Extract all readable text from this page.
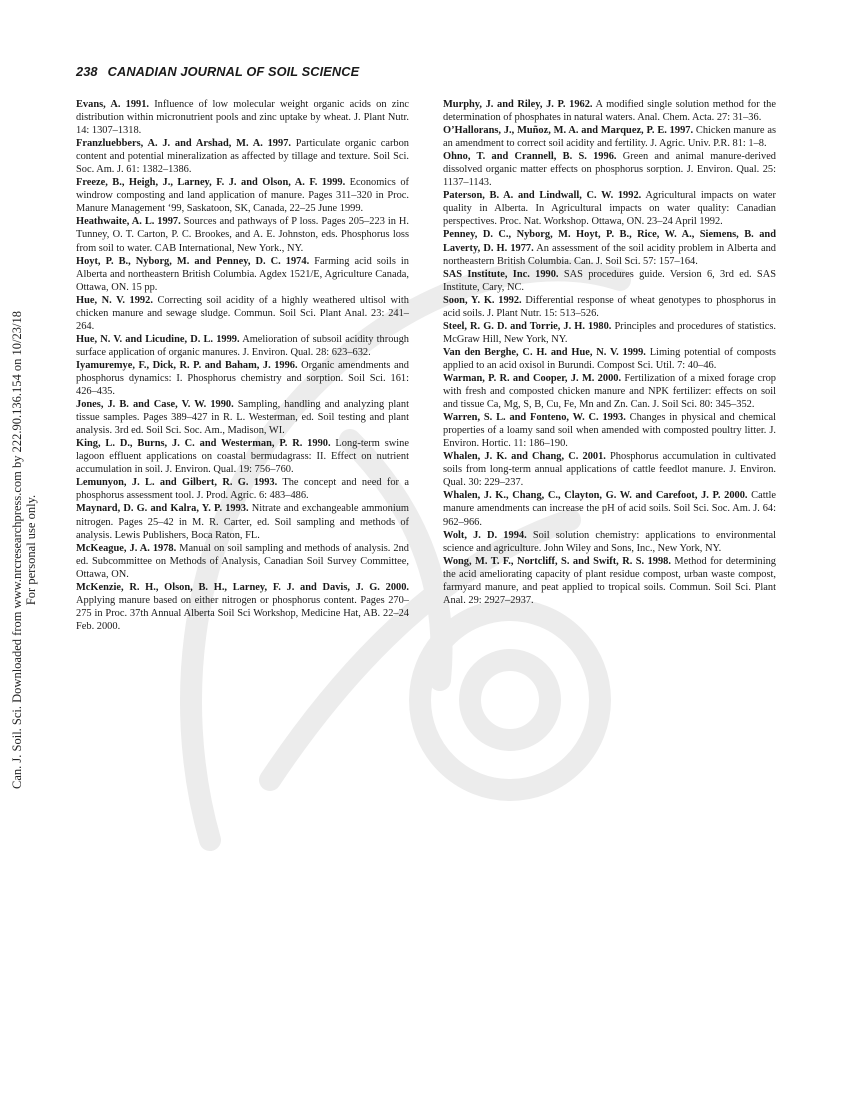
Can. J. Soil. Sci. Downloaded from www.nrcresearchpress.com by 222.90.136.154 on 10/23/18 For personal use only.
238 CANADIAN JOURNAL OF SOIL SCIENCE

Evans, A. 1991. Influence of low molecular weight organic acids on zinc distribution within micronutrient pools and zinc uptake by wheat. J. Plant Nutr. 14: 1307–1318.

Franzluebbers, A. J. and Arshad, M. A. 1997. Particulate organic carbon content and potential mineralization as affected by tillage and texture. Soil Sci. Soc. Am. J. 61: 1382–1386.

Freeze, B., Heigh, J., Larney, F. J. and Olson, A. F. 1999. Economics of windrow composting and land application of manure. Pages 311–320 in Proc. Manure Management ‘99, Saskatoon, SK, Canada, 22–25 June 1999.

Heathwaite, A. L. 1997. Sources and pathways of P loss. Pages 205–223 in H. Tunney, O. T. Carton, P. C. Brookes, and A. E. Johnston, eds. Phosphorus loss from soil to water. CAB International, New York., NY.

Hoyt, P. B., Nyborg, M. and Penney, D. C. 1974. Farming acid soils in Alberta and northeastern British Columbia. Agdex 1521/E, Agriculture Canada, Ottawa, ON. 15 pp.

Hue, N. V. 1992. Correcting soil acidity of a highly weathered ultisol with chicken manure and sewage sludge. Commun. Soil Sci. Plant Anal. 23: 241–264.

Hue, N. V. and Licudine, D. L. 1999. Amelioration of subsoil acidity through surface application of organic manures. J. Environ. Qual. 28: 623–632.

Iyamuremye, F., Dick, R. P. and Baham, J. 1996. Organic amendments and phosphorus dynamics: I. Phosphorus chemistry and sorption. Soil Sci. 161: 426–435.

Jones, J. B. and Case, V. W. 1990. Sampling, handling and analyzing plant tissue samples. Pages 389–427 in R. L. Westerman, ed. Soil testing and plant analysis. 3rd ed. Soil Sci. Soc. Am., Madison, WI.

King, L. D., Burns, J. C. and Westerman, P. R. 1990. Long-term swine lagoon effluent applications on coastal bermudagrass: II. Effect on nutrient accumulation in soil. J. Environ. Qual. 19: 756–760.

Lemunyon, J. L. and Gilbert, R. G. 1993. The concept and need for a phosphorus assessment tool. J. Prod. Agric. 6: 483–486.

Maynard, D. G. and Kalra, Y. P. 1993. Nitrate and exchangeable ammonium nitrogen. Pages 25–42 in M. R. Carter, ed. Soil sampling and methods of analysis. Lewis Publishers, Boca Raton, FL.

McKeague, J. A. 1978. Manual on soil sampling and methods of analysis. 2nd ed. Subcommittee on Methods of Analysis, Canadian Soil Survey Committee, Ottawa, ON.

McKenzie, R. H., Olson, B. H., Larney, F. J. and Davis, J. G. 2000. Applying manure based on either nitrogen or phosphorus content. Pages 270–275 in Proc. 37th Annual Alberta Soil Sci Workshop, Medicine Hat, AB. 22–24 Feb. 2000.

Murphy, J. and Riley, J. P. 1962. A modified single solution method for the determination of phosphates in natural waters. Anal. Chem. Acta. 27: 31–36.

O’Hallorans, J., Muñoz, M. A. and Marquez, P. E. 1997. Chicken manure as an amendment to correct soil acidity and fertility. J. Agric. Univ. P.R. 81: 1–8.

Ohno, T. and Crannell, B. S. 1996. Green and animal manure-derived dissolved organic matter effects on phosphorus sorption. J. Environ. Qual. 25: 1137–1143.

Paterson, B. A. and Lindwall, C. W. 1992. Agricultural impacts on water quality in Alberta. In Agricultural impacts on water quality: Canadian perspectives. Proc. Nat. Workshop. Ottawa, ON. 23–24 April 1992.

Penney, D. C., Nyborg, M. Hoyt, P. B., Rice, W. A., Siemens, B. and Laverty, D. H. 1977. An assessment of the soil acidity problem in Alberta and northeastern British Columbia. Can. J. Soil Sci. 57: 157–164.

SAS Institute, Inc. 1990. SAS procedures guide. Version 6, 3rd ed. SAS Institute, Cary, NC.

Soon, Y. K. 1992. Differential response of wheat genotypes to phosphorus in acid soils. J. Plant Nutr. 15: 513–526.

Steel, R. G. D. and Torrie, J. H. 1980. Principles and procedures of statistics. McGraw Hill, New York, NY.

Van den Berghe, C. H. and Hue, N. V. 1999. Liming potential of composts applied to an acid oxisol in Burundi. Compost Sci. Util. 7: 40–46.

Warman, P. R. and Cooper, J. M. 2000. Fertilization of a mixed forage crop with fresh and composted chicken manure and NPK fertilizer: effects on soil and tissue Ca, Mg, S, B, Cu, Fe, Mn and Zn. Can. J. Soil Sci. 80: 345–352.

Warren, S. L. and Fonteno, W. C. 1993. Changes in physical and chemical properties of a loamy sand soil when amended with composted poultry litter. J. Environ. Hortic. 11: 186–190.

Whalen, J. K. and Chang, C. 2001. Phosphorus accumulation in cultivated soils from long-term annual applications of cattle feedlot manure. J. Environ. Qual. 30: 229–237.

Whalen, J. K., Chang, C., Clayton, G. W. and Carefoot, J. P. 2000. Cattle manure amendments can increase the pH of acid soils. Soil Sci. Soc. Am. J. 64: 962–966.

Wolt, J. D. 1994. Soil solution chemistry: applications to environmental science and agriculture. John Wiley and Sons, Inc., New York, NY.

Wong, M. T. F., Nortcliff, S. and Swift, R. S. 1998. Method for determining the acid ameliorating capacity of plant residue compost, urban waste compost, farmyard manure, and peat applied to tropical soils. Commun. Soil Sci. Plant Anal. 29: 2927–2937.
